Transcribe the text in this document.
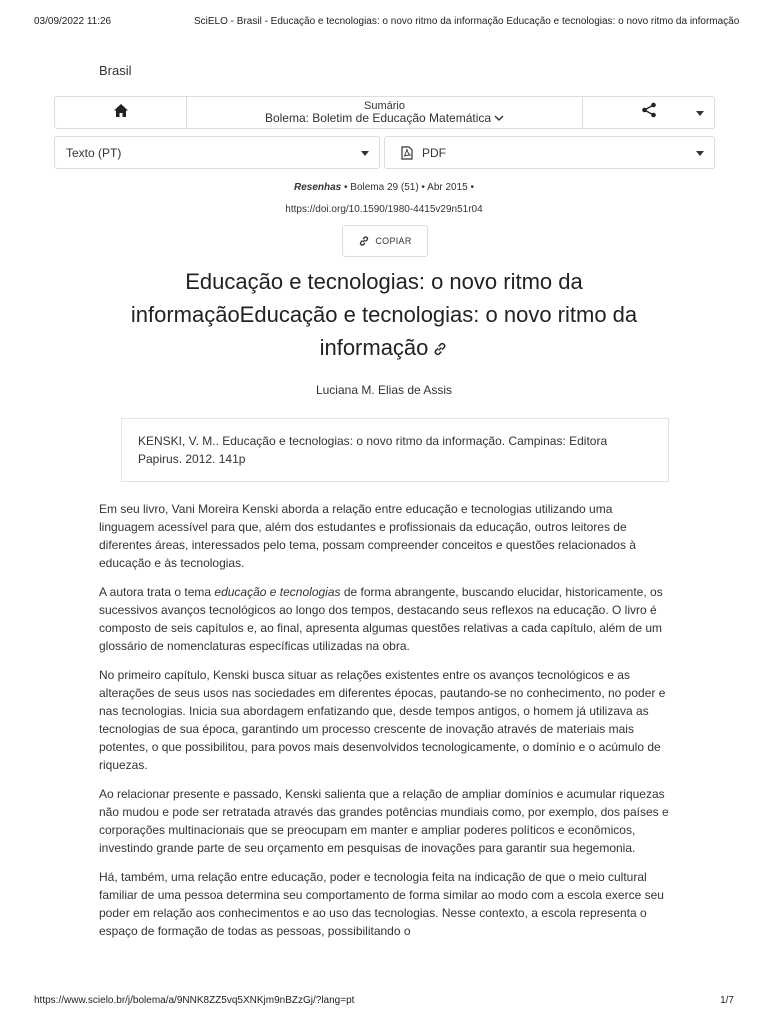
03/09/2022 11:26	SciELO - Brasil - Educação e tecnologias: o novo ritmo da informação Educação e tecnologias: o novo ritmo da informação
Brasil
Sumário
Bolema: Boletim de Educação Matemática
Texto (PT)	PDF
Resenhas • Bolema 29 (51) • Abr 2015 •
https://doi.org/10.1590/1980-4415v29n51r04
COPIAR
Educação e tecnologias: o novo ritmo da informaçãoEducação e tecnologias: o novo ritmo da informação
Luciana M. Elias de Assis
KENSKI, V. M.. Educação e tecnologias: o novo ritmo da informação. Campinas: Editora Papirus. 2012. 141p

Em seu livro, Vani Moreira Kenski aborda a relação entre educação e tecnologias utilizando uma linguagem acessível para que, além dos estudantes e profissionais da educação, outros leitores de diferentes áreas, interessados pelo tema, possam compreender conceitos e questões relacionados à educação e às tecnologias.

A autora trata o tema educação e tecnologias de forma abrangente, buscando elucidar, historicamente, os sucessivos avanços tecnológicos ao longo dos tempos, destacando seus reflexos na educação. O livro é composto de seis capítulos e, ao final, apresenta algumas questões relativas a cada capítulo, além de um glossário de nomenclaturas específicas utilizadas na obra.

No primeiro capítulo, Kenski busca situar as relações existentes entre os avanços tecnológicos e as alterações de seus usos nas sociedades em diferentes épocas, pautando-se no conhecimento, no poder e nas tecnologias. Inicia sua abordagem enfatizando que, desde tempos antigos, o homem já utilizava as tecnologias de sua época, garantindo um processo crescente de inovação através de materiais mais potentes, o que possibilitou, para povos mais desenvolvidos tecnologicamente, o domínio e o acúmulo de riquezas.

Ao relacionar presente e passado, Kenski salienta que a relação de ampliar domínios e acumular riquezas não mudou e pode ser retratada através das grandes potências mundiais como, por exemplo, dos países e corporações multinacionais que se preocupam em manter e ampliar poderes políticos e econômicos, investindo grande parte de seu orçamento em pesquisas de inovações para garantir sua hegemonia.

Há, também, uma relação entre educação, poder e tecnologia feita na indicação de que o meio cultural familiar de uma pessoa determina seu comportamento de forma similar ao modo com a escola exerce seu poder em relação aos conhecimentos e ao uso das tecnologias. Nesse contexto, a escola representa o espaço de formação de todas as pessoas, possibilitando o

https://www.scielo.br/j/bolema/a/9NNK8ZZ5vq5XNKjm9nBZzGj/?lang=pt	1/7
